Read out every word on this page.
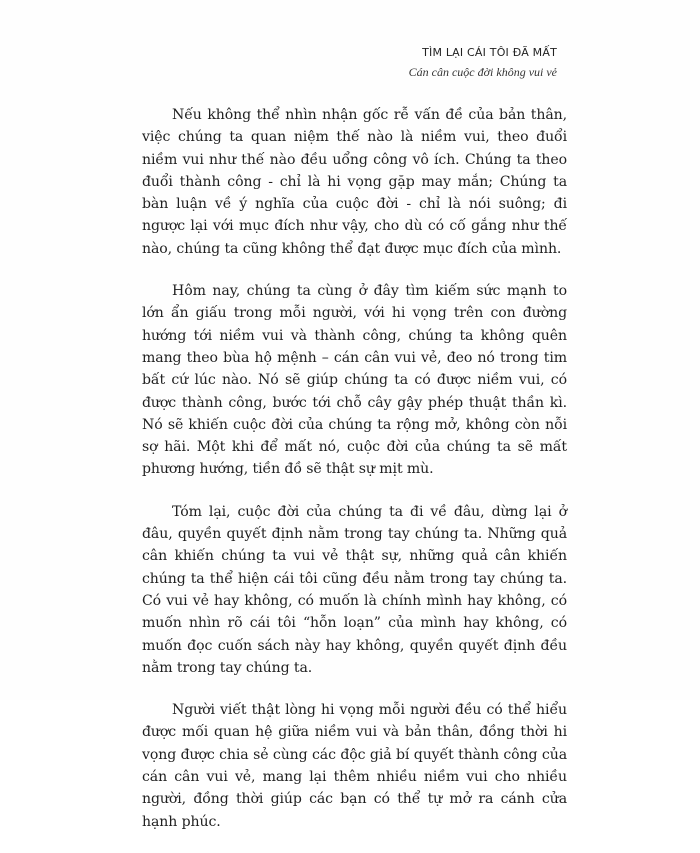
TÌM LẠI CÁI TÔI ĐÃ MẤT
Cán cân cuộc đời không vui vẻ

Nếu không thể nhìn nhận gốc rễ vấn đề của bản thân, việc chúng ta quan niệm thế nào là niềm vui, theo đuổi niềm vui như thế nào đều uổng công vô ích. Chúng ta theo đuổi thành công - chỉ là hi vọng gặp may mắn; Chúng ta bàn luận về ý nghĩa của cuộc đời - chỉ là nói suông; đi ngược lại với mục đích như vậy, cho dù có cố gắng như thế nào, chúng ta cũng không thể đạt được mục đích của mình.

Hôm nay, chúng ta cùng ở đây tìm kiếm sức mạnh to lớn ẩn giấu trong mỗi người, với hi vọng trên con đường hướng tới niềm vui và thành công, chúng ta không quên mang theo bùa hộ mệnh – cán cân vui vẻ, đeo nó trong tim bất cứ lúc nào. Nó sẽ giúp chúng ta có được niềm vui, có được thành công, bước tới chỗ cây gậy phép thuật thần kì. Nó sẽ khiến cuộc đời của chúng ta rộng mở, không còn nỗi sợ hãi. Một khi để mất nó, cuộc đời của chúng ta sẽ mất phương hướng, tiền đồ sẽ thật sự mịt mù.

Tóm lại, cuộc đời của chúng ta đi về đâu, dừng lại ở đâu, quyền quyết định nằm trong tay chúng ta. Những quả cân khiến chúng ta vui vẻ thật sự, những quả cân khiến chúng ta thể hiện cái tôi cũng đều nằm trong tay chúng ta. Có vui vẻ hay không, có muốn là chính mình hay không, có muốn nhìn rõ cái tôi “hỗn loạn” của mình hay không, có muốn đọc cuốn sách này hay không, quyền quyết định đều nằm trong tay chúng ta.

Người viết thật lòng hi vọng mỗi người đều có thể hiểu được mối quan hệ giữa niềm vui và bản thân, đồng thời hi vọng được chia sẻ cùng các độc giả bí quyết thành công của cán cân vui vẻ, mang lại thêm nhiều niềm vui cho nhiều người, đồng thời giúp các bạn có thể tự mở ra cánh cửa hạnh phúc.
